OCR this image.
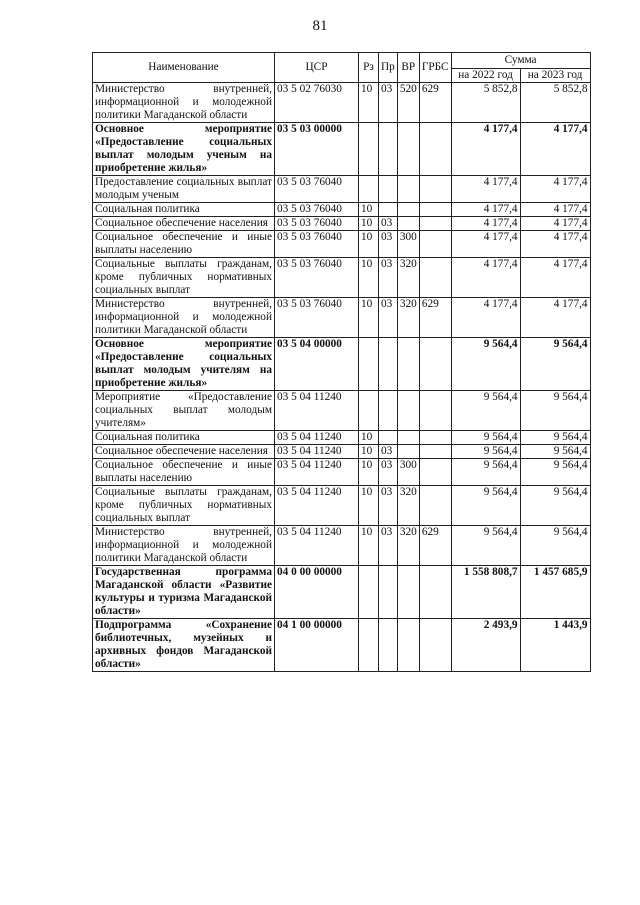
81
Наименование	ЦСР	Рз	Пр	ВР	ГРБС	Сумма	
						на 2022 год	на 2023 год
Министерство внутренней, информационной и молодежной политики Магаданской области	03 5 02 76030	10	03	520	629	5 852,8	5 852,8
Основное мероприятие «Предоставление социальных выплат молодым ученым на приобретение жилья»	03 5 03 00000					4 177,4	4 177,4
Предоставление социальных выплат молодым ученым	03 5 03 76040					4 177,4	4 177,4
Социальная политика	03 5 03 76040	10				4 177,4	4 177,4
Социальное обеспечение населения	03 5 03 76040	10	03			4 177,4	4 177,4
Социальное обеспечение и иные выплаты населению	03 5 03 76040	10	03	300		4 177,4	4 177,4
Социальные выплаты гражданам, кроме публичных нормативных социальных выплат	03 5 03 76040	10	03	320		4 177,4	4 177,4
Министерство внутренней, информационной и молодежной политики Магаданской области	03 5 03 76040	10	03	320	629	4 177,4	4 177,4
Основное мероприятие «Предоставление социальных выплат молодым учителям на приобретение жилья»	03 5 04 00000					9 564,4	9 564,4
Мероприятие «Предоставление социальных выплат молодым учителям»	03 5 04 11240					9 564,4	9 564,4
Социальная политика	03 5 04 11240	10				9 564,4	9 564,4
Социальное обеспечение населения	03 5 04 11240	10	03			9 564,4	9 564,4
Социальное обеспечение и иные выплаты населению	03 5 04 11240	10	03	300		9 564,4	9 564,4
Социальные выплаты гражданам, кроме публичных нормативных социальных выплат	03 5 04 11240	10	03	320		9 564,4	9 564,4
Министерство внутренней, информационной и молодежной политики Магаданской области	03 5 04 11240	10	03	320	629	9 564,4	9 564,4
Государственная программа Магаданской области «Развитие культуры и туризма Магаданской области»	04 0 00 00000					1 558 808,7	1 457 685,9
Подпрограмма «Сохранение библиотечных, музейных и архивных фондов Магаданской области»	04 1 00 00000					2 493,9	1 443,9
